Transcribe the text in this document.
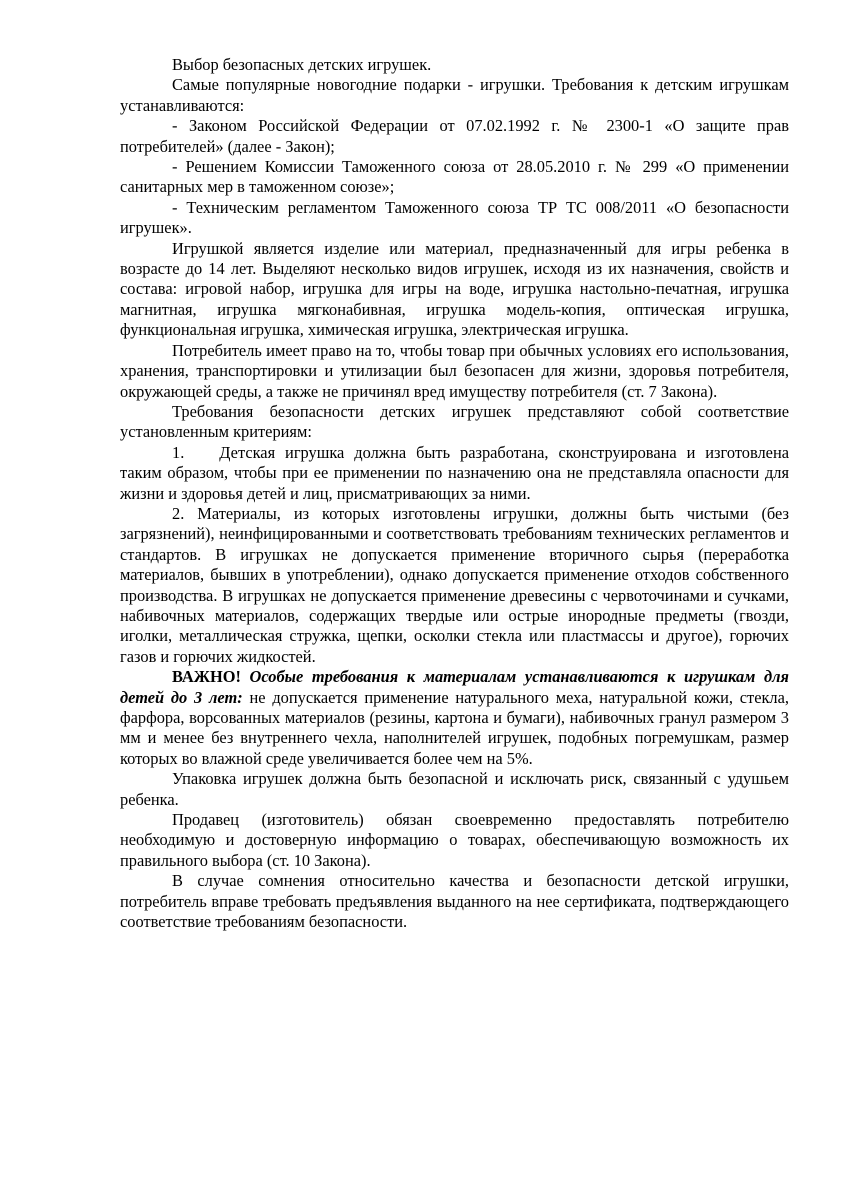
Выбор безопасных детских игрушек.

Самые популярные новогодние подарки - игрушки. Требования к детским игрушкам устанавливаются:

- Законом Российской Федерации от 07.02.1992 г. № 2300-1 «О защите прав потребителей» (далее - Закон);

- Решением Комиссии Таможенного союза от 28.05.2010 г. № 299 «О применении санитарных мер в таможенном союзе»;

- Техническим регламентом Таможенного союза ТР ТС 008/2011 «О безопасности игрушек».

Игрушкой является изделие или материал, предназначенный для игры ребенка в возрасте до 14 лет. Выделяют несколько видов игрушек, исходя из их назначения, свойств и состава: игровой набор, игрушка для игры на воде, игрушка настольно-печатная, игрушка магнитная, игрушка мягконабивная, игрушка модель-копия, оптическая игрушка, функциональная игрушка, химическая игрушка, электрическая игрушка.

Потребитель имеет право на то, чтобы товар при обычных условиях его использования, хранения, транспортировки и утилизации был безопасен для жизни, здоровья потребителя, окружающей среды, а также не причинял вред имуществу потребителя (ст. 7 Закона).

Требования безопасности детских игрушек представляют собой соответствие установленным критериям:

1. Детская игрушка должна быть разработана, сконструирована и изготовлена таким образом, чтобы при ее применении по назначению она не представляла опасности для жизни и здоровья детей и лиц, присматривающих за ними.

2. Материалы, из которых изготовлены игрушки, должны быть чистыми (без загрязнений), неинфицированными и соответствовать требованиям технических регламентов и стандартов. В игрушках не допускается применение вторичного сырья (переработка материалов, бывших в употреблении), однако допускается применение отходов собственного производства. В игрушках не допускается применение древесины с червоточинами и сучками, набивочных материалов, содержащих твердые или острые инородные предметы (гвозди, иголки, металлическая стружка, щепки, осколки стекла или пластмассы и другое), горючих газов и горючих жидкостей.

ВАЖНО! Особые требования к материалам устанавливаются к игрушкам для детей до 3 лет: не допускается применение натурального меха, натуральной кожи, стекла, фарфора, ворсованных материалов (резины, картона и бумаги), набивочных гранул размером 3 мм и менее без внутреннего чехла, наполнителей игрушек, подобных погремушкам, размер которых во влажной среде увеличивается более чем на 5%.

Упаковка игрушек должна быть безопасной и исключать риск, связанный с удушьем ребенка.

Продавец (изготовитель) обязан своевременно предоставлять потребителю необходимую и достоверную информацию о товарах, обеспечивающую возможность их правильного выбора (ст. 10 Закона).

В случае сомнения относительно качества и безопасности детской игрушки, потребитель вправе требовать предъявления выданного на нее сертификата, подтверждающего соответствие требованиям безопасности.
